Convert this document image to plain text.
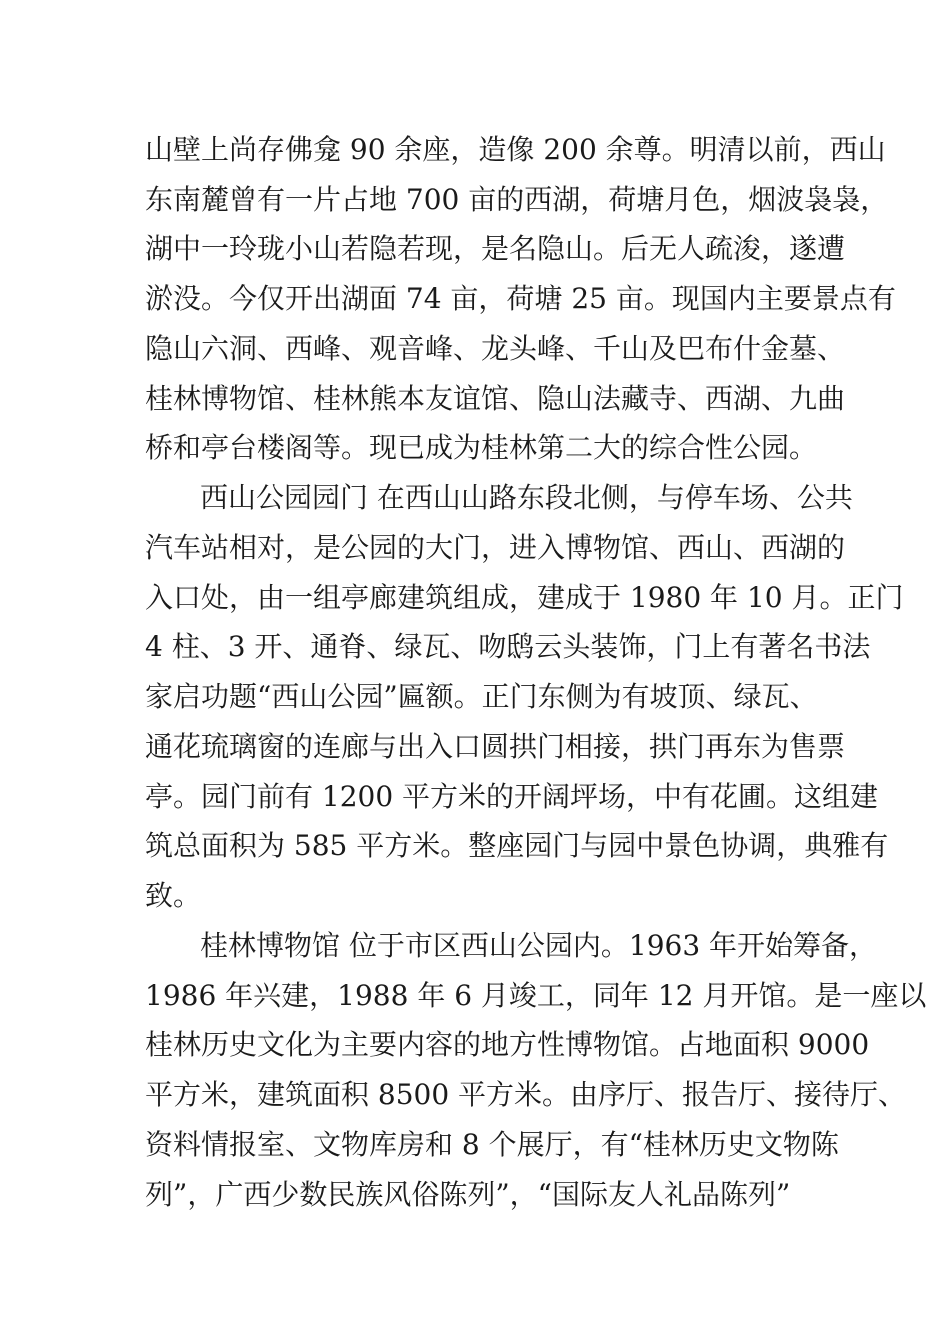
山壁上尚存佛龛 90 余座，造像 200 余尊。明清以前，西山

东南麓曾有一片占地 700 亩的西湖，荷塘月色，烟波袅袅，

湖中一玲珑小山若隐若现，是名隐山。后无人疏浚，遂遭

淤没。今仅开出湖面 74 亩，荷塘 25 亩。现国内主要景点有

隐山六洞、西峰、观音峰、龙头峰、千山及巴布什金墓、

桂林博物馆、桂林熊本友谊馆、隐山法藏寺、西湖、九曲

桥和亭台楼阁等。现已成为桂林第二大的综合性公园。

西山公园园门 在西山山路东段北侧，与停车场、公共

汽车站相对，是公园的大门，进入博物馆、西山、西湖的

入口处，由一组亭廊建筑组成，建成于 1980 年 10 月。正门

4 柱、3 开、通脊、绿瓦、吻鸱云头装饰，门上有著名书法

家启功题“西山公园”匾额。正门东侧为有坡顶、绿瓦、

通花琉璃窗的连廊与出入口圆拱门相接，拱门再东为售票

亭。园门前有 1200 平方米的开阔坪场，中有花圃。这组建

筑总面积为 585 平方米。整座园门与园中景色协调，典雅有

致。

桂林博物馆 位于市区西山公园内。1963 年开始筹备，

1986 年兴建，1988 年 6 月竣工，同年 12 月开馆。是一座以

桂林历史文化为主要内容的地方性博物馆。占地面积 9000

平方米，建筑面积 8500 平方米。由序厅、报告厅、接待厅、

资料情报室、文物库房和 8 个展厅，有“桂林历史文物陈

列”，广西少数民族风俗陈列”，“国际友人礼品陈列”
